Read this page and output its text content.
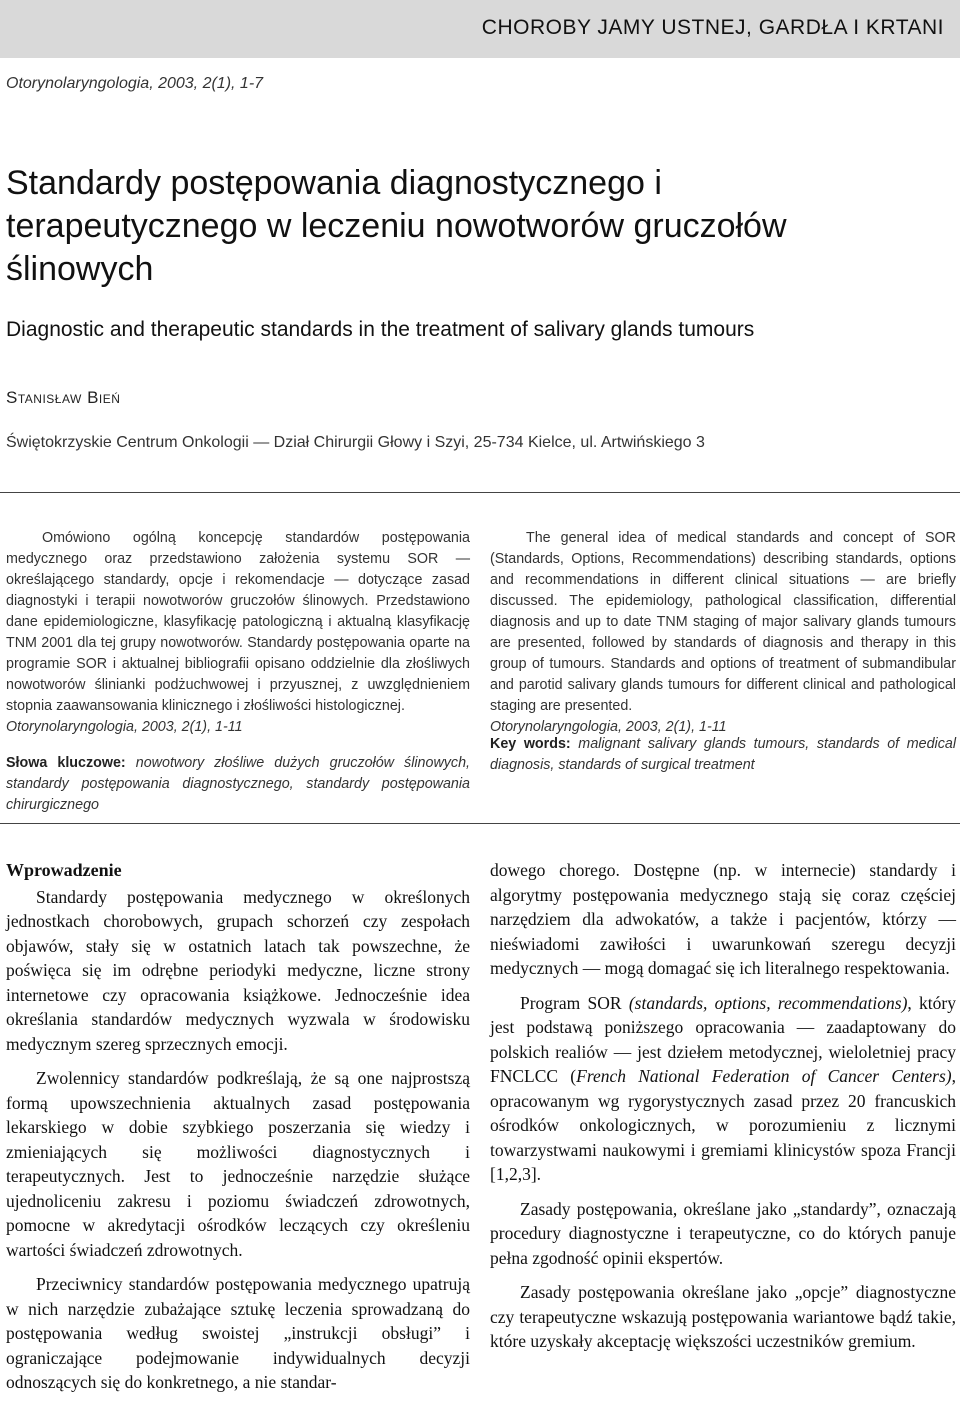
CHOROBY JAMY USTNEJ, GARDŁA I KRTANI
Otorynolaryngologia, 2003, 2(1), 1-7
Standardy postępowania diagnostycznego i terapeutycznego w leczeniu nowotworów gruczołów ślinowych
Diagnostic and therapeutic standards in the treatment of salivary glands tumours
Stanisław Bień
Świętokrzyskie Centrum Onkologii — Dział Chirurgii Głowy i Szyi, 25-734 Kielce, ul. Artwińskiego 3

Omówiono ogólną koncepcję standardów postępowania medycznego oraz przedstawiono założenia systemu SOR — określającego standardy, opcje i rekomendacje — dotyczące zasad diagnostyki i terapii nowotworów gruczołów ślinowych. Przedstawiono dane epidemiologiczne, klasyfikację patologiczną i aktualną klasyfikację TNM 2001 dla tej grupy nowotworów. Standardy postępowania oparte na programie SOR i aktualnej bibliografii opisano oddzielnie dla złośliwych nowotworów ślinianki podżuchwowej i przyusznej, z uwzględnieniem stopnia zaawansowania klinicznego i złośliwości histologicznej.

Otorynolaryngologia, 2003, 2(1), 1-11

Słowa kluczowe: nowotwory złośliwe dużych gruczołów ślinowych, standardy postępowania diagnostycznego, standardy postępowania chirurgicznego

The general idea of medical standards and concept of SOR (Standards, Options, Recommendations) describing standards, options and recommendations in different clinical situations — are briefly discussed. The epidemiology, pathological classification, differential diagnosis and up to date TNM staging of major salivary glands tumours are presented, followed by standards of diagnosis and therapy in this group of tumours. Standards and options of treatment of submandibular and parotid salivary glands tumours for different clinical and pathological staging are presented.

Otorynolaryngologia, 2003, 2(1), 1-11

Key words: malignant salivary glands tumours, standards of medical diagnosis, standards of surgical treatment
Wprowadzenie

Standardy postępowania medycznego w określonych jednostkach chorobowych, grupach schorzeń czy zespołach objawów, stały się w ostatnich latach tak powszechne, że poświęca się im odrębne periodyki medyczne, liczne strony internetowe czy opracowania książkowe. Jednocześnie idea określania standardów medycznych wyzwala w środowisku medycznym szereg sprzecznych emocji.

Zwolennicy standardów podkreślają, że są one najprostszą formą upowszechnienia aktualnych zasad postępowania lekarskiego w dobie szybkiego poszerzania się wiedzy i zmieniających się możliwości diagnostycznych i terapeutycznych. Jest to jednocześnie narzędzie służące ujednoliceniu zakresu i poziomu świadczeń zdrowotnych, pomocne w akredytacji ośrodków leczących czy określeniu wartości świadczeń zdrowotnych.

Przeciwnicy standardów postępowania medycznego upatrują w nich narzędzie zubażające sztukę leczenia sprowadzaną do postępowania według swoistej „instrukcji obsługi” i ograniczające podejmowanie indywidualnych decyzji odnoszących się do konkretnego, a nie standar-

dowego chorego. Dostępne (np. w internecie) standardy i algorytmy postępowania medycznego stają się coraz częściej narzędziem dla adwokatów, a także i pacjentów, którzy — nieświadomi zawiłości i uwarunkowań szeregu decyzji medycznych — mogą domagać się ich literalnego respektowania.

Program SOR (standards, options, recommendations), który jest podstawą poniższego opracowania — zaadaptowany do polskich realiów — jest dziełem metodycznej, wieloletniej pracy FNCLCC (French National Federation of Cancer Centers), opracowanym wg rygorystycznych zasad przez 20 francuskich ośrodków onkologicznych, w porozumieniu z licznymi towarzystwami naukowymi i gremiami klinicystów spoza Francji [1,2,3].

Zasady postępowania, określane jako „standardy”, oznaczają procedury diagnostyczne i terapeutyczne, co do których panuje pełna zgodność opinii ekspertów.

Zasady postępowania określane jako „opcje” diagnostyczne czy terapeutyczne wskazują postępowania wariantowe bądź takie, które uzyskały akceptację większości uczestników gremium.
